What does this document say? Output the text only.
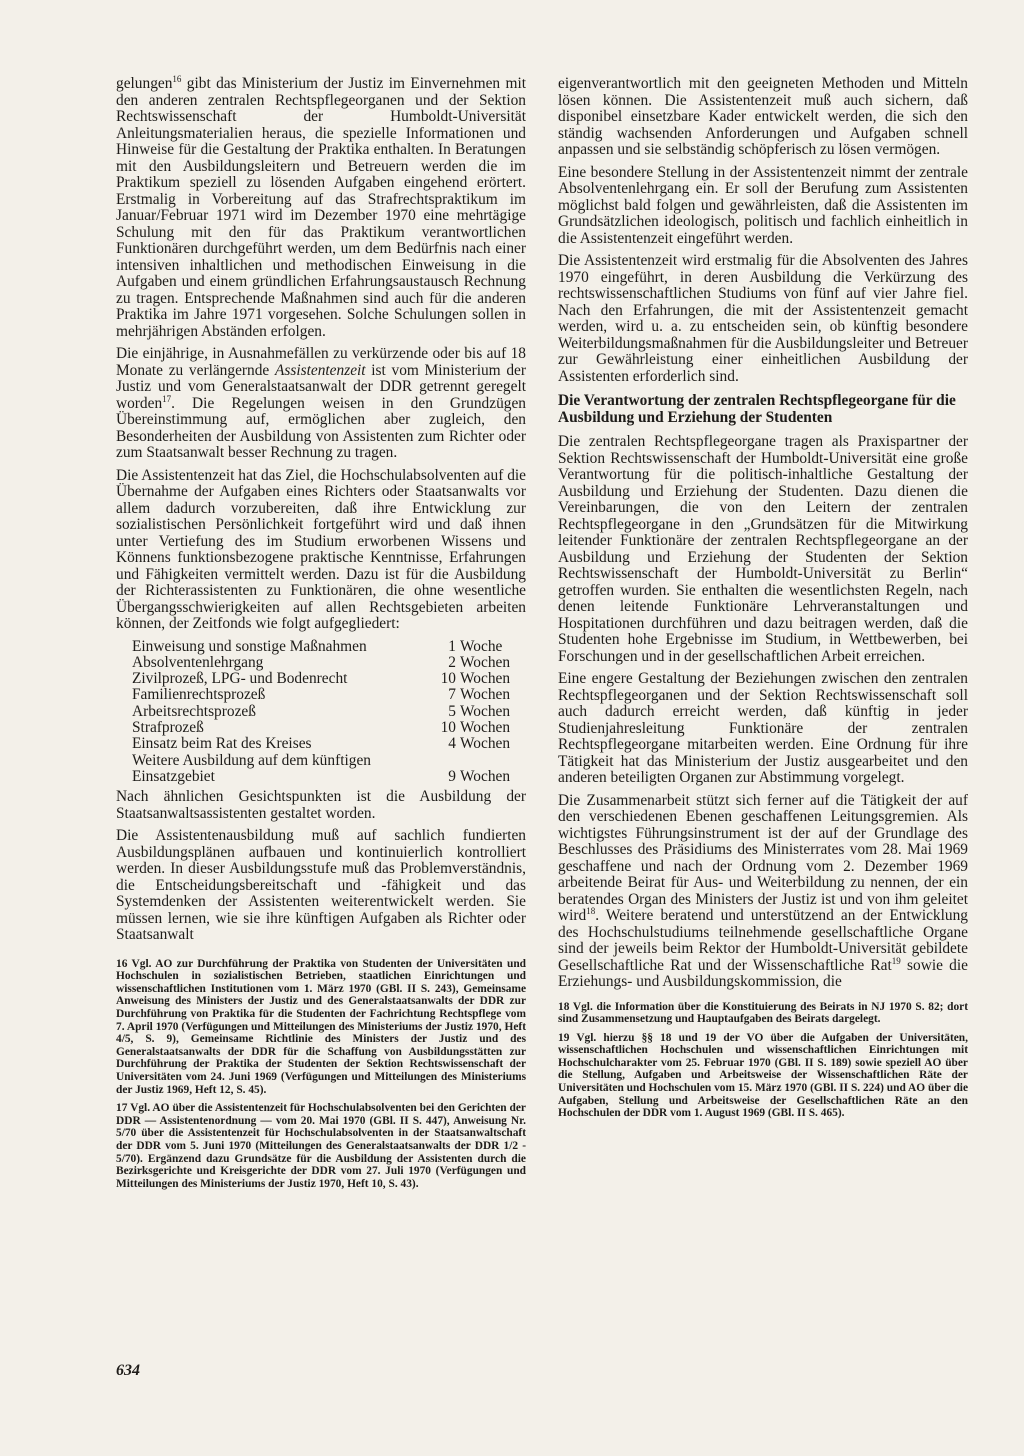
gelungen$^{16}$ gibt das Ministerium der Justiz im Einvernehmen mit den anderen zentralen Rechtspflegeorganen und der Sektion Rechtswissenschaft der Humboldt-Universität Anleitungsmaterialien heraus, die spezielle Informationen und Hinweise für die Gestaltung der Praktika enthalten. In Beratungen mit den Ausbildungsleitern und Betreuern werden die im Praktikum speziell zu lösenden Aufgaben eingehend erörtert. Erstmalig in Vorbereitung auf das Strafrechtspraktikum im Januar/Februar 1971 wird im Dezember 1970 eine mehrtägige Schulung mit den für das Praktikum verantwortlichen Funktionären durchgeführt werden, um dem Bedürfnis nach einer intensiven inhaltlichen und methodischen Einweisung in die Aufgaben und einem gründlichen Erfahrungsaustausch Rechnung zu tragen. Entsprechende Maßnahmen sind auch für die anderen Praktika im Jahre 1971 vorgesehen. Solche Schulungen sollen in mehrjährigen Abständen erfolgen.

Die einjährige, in Ausnahmefällen zu verkürzende oder bis auf 18 Monate zu verlängernde Assistentenzeit ist vom Ministerium der Justiz und vom Generalstaatsanwalt der DDR getrennt geregelt worden$^{17}$. Die Regelungen weisen in den Grundzügen Übereinstimmung auf, ermöglichen aber zugleich, den Besonderheiten der Ausbildung von Assistenten zum Richter oder zum Staatsanwalt besser Rechnung zu tragen.

Die Assistentenzeit hat das Ziel, die Hochschulabsolventen auf die Übernahme der Aufgaben eines Richters oder Staatsanwalts vor allem dadurch vorzubereiten, daß ihre Entwicklung zur sozialistischen Persönlichkeit fortgeführt wird und daß ihnen unter Vertiefung des im Studium erworbenen Wissens und Könnens funktionsbezogene praktische Kenntnisse, Erfahrungen und Fähigkeiten vermittelt werden. Dazu ist für die Ausbildung der Richterassistenten zu Funktionären, die ohne wesentliche Übergangsschwierigkeiten auf allen Rechtsgebieten arbeiten können, der Zeitfonds wie folgt aufgegliedert:

Einweisung und sonstige Maßnahmen	1 Woche
Absolventenlehrgang	2 Wochen
Zivilprozeß, LPG- und Bodenrecht	10 Wochen
Familienrechtsprozeß	7 Wochen
Arbeitsrechtsprozeß	5 Wochen
Strafprozeß	10 Wochen
Einsatz beim Rat des Kreises	4 Wochen
Weitere Ausbildung auf dem künftigen
Einsatzgebiet	9 Wochen

Nach ähnlichen Gesichtspunkten ist die Ausbildung der Staatsanwaltsassistenten gestaltet worden.

Die Assistentenausbildung muß auf sachlich fundierten Ausbildungsplänen aufbauen und kontinuierlich kontrolliert werden. In dieser Ausbildungsstufe muß das Problemverständnis, die Entscheidungsbereitschaft und -fähigkeit und das Systemdenken der Assistenten weiterentwickelt werden. Sie müssen lernen, wie sie ihre künftigen Aufgaben als Richter oder Staatsanwalt

16 Vgl. AO zur Durchführung der Praktika von Studenten der Universitäten und Hochschulen in sozialistischen Betrieben, staatlichen Einrichtungen und wissenschaftlichen Institutionen vom 1. März 1970 (GBl. II S. 243), Gemeinsame Anweisung des Ministers der Justiz und des Generalstaatsanwalts der DDR zur Durchführung von Praktika für die Studenten der Fachrichtung Rechtspflege vom 7. April 1970 (Verfügungen und Mitteilungen des Ministeriums der Justiz 1970, Heft 4/5, S. 9), Gemeinsame Richtlinie des Ministers der Justiz und des Generalstaatsanwalts der DDR für die Schaffung von Ausbildungsstätten zur Durchführung der Praktika der Studenten der Sektion Rechtswissenschaft der Universitäten vom 24. Juni 1969 (Verfügungen und Mitteilungen des Ministeriums der Justiz 1969, Heft 12, S. 45).

17 Vgl. AO über die Assistentenzeit für Hochschulabsolventen bei den Gerichten der DDR — Assistentenordnung — vom 20. Mai 1970 (GBl. II S. 447), Anweisung Nr. 5/70 über die Assistentenzeit für Hochschulabsolventen in der Staatsanwaltschaft der DDR vom 5. Juni 1970 (Mitteilungen des Generalstaatsanwalts der DDR 1/2 - 5/70). Ergänzend dazu Grundsätze für die Ausbildung der Assistenten durch die Bezirksgerichte und Kreisgerichte der DDR vom 27. Juli 1970 (Verfügungen und Mitteilungen des Ministeriums der Justiz 1970, Heft 10, S. 43).

eigenverantwortlich mit den geeigneten Methoden und Mitteln lösen können. Die Assistentenzeit muß auch sichern, daß disponibel einsetzbare Kader entwickelt werden, die sich den ständig wachsenden Anforderungen und Aufgaben schnell anpassen und sie selbständig schöpferisch zu lösen vermögen.

Eine besondere Stellung in der Assistentenzeit nimmt der zentrale Absolventenlehrgang ein. Er soll der Berufung zum Assistenten möglichst bald folgen und gewährleisten, daß die Assistenten im Grundsätzlichen ideologisch, politisch und fachlich einheitlich in die Assistentenzeit eingeführt werden.

Die Assistentenzeit wird erstmalig für die Absolventen des Jahres 1970 eingeführt, in deren Ausbildung die Verkürzung des rechtswissenschaftlichen Studiums von fünf auf vier Jahre fiel. Nach den Erfahrungen, die mit der Assistentenzeit gemacht werden, wird u. a. zu entscheiden sein, ob künftig besondere Weiterbildungsmaßnahmen für die Ausbildungsleiter und Betreuer zur Gewährleistung einer einheitlichen Ausbildung der Assistenten erforderlich sind.

Die Verantwortung der zentralen Rechtspflegeorgane für die Ausbildung und Erziehung der Studenten

Die zentralen Rechtspflegeorgane tragen als Praxispartner der Sektion Rechtswissenschaft der Humboldt-Universität eine große Verantwortung für die politisch-inhaltliche Gestaltung der Ausbildung und Erziehung der Studenten. Dazu dienen die Vereinbarungen, die von den Leitern der zentralen Rechtspflegeorgane in den „Grundsätzen für die Mitwirkung leitender Funktionäre der zentralen Rechtspflegeorgane an der Ausbildung und Erziehung der Studenten der Sektion Rechtswissenschaft der Humboldt-Universität zu Berlin“ getroffen wurden. Sie enthalten die wesentlichsten Regeln, nach denen leitende Funktionäre Lehrveranstaltungen und Hospitationen durchführen und dazu beitragen werden, daß die Studenten hohe Ergebnisse im Studium, in Wettbewerben, bei Forschungen und in der gesellschaftlichen Arbeit erreichen.

Eine engere Gestaltung der Beziehungen zwischen den zentralen Rechtspflegeorganen und der Sektion Rechtswissenschaft soll auch dadurch erreicht werden, daß künftig in jeder Studienjahresleitung Funktionäre der zentralen Rechtspflegeorgane mitarbeiten werden. Eine Ordnung für ihre Tätigkeit hat das Ministerium der Justiz ausgearbeitet und den anderen beteiligten Organen zur Abstimmung vorgelegt.

Die Zusammenarbeit stützt sich ferner auf die Tätigkeit der auf den verschiedenen Ebenen geschaffenen Leitungsgremien. Als wichtigstes Führungsinstrument ist der auf der Grundlage des Beschlusses des Präsidiums des Ministerrates vom 28. Mai 1969 geschaffene und nach der Ordnung vom 2. Dezember 1969 arbeitende Beirat für Aus- und Weiterbildung zu nennen, der ein beratendes Organ des Ministers der Justiz ist und von ihm geleitet wird$^{18}$. Weitere beratend und unterstützend an der Entwicklung des Hochschulstudiums teilnehmende gesellschaftliche Organe sind der jeweils beim Rektor der Humboldt-Universität gebildete Gesellschaftliche Rat und der Wissenschaftliche Rat$^{19}$ sowie die Erziehungs- und Ausbildungskommission, die

18 Vgl. die Information über die Konstituierung des Beirats in NJ 1970 S. 82; dort sind Zusammensetzung und Hauptaufgaben des Beirats dargelegt.

19 Vgl. hierzu §§ 18 und 19 der VO über die Aufgaben der Universitäten, wissenschaftlichen Hochschulen und wissenschaftlichen Einrichtungen mit Hochschulcharakter vom 25. Februar 1970 (GBl. II S. 189) sowie speziell AO über die Stellung, Aufgaben und Arbeitsweise der Wissenschaftlichen Räte der Universitäten und Hochschulen vom 15. März 1970 (GBl. II S. 224) und AO über die Aufgaben, Stellung und Arbeitsweise der Gesellschaftlichen Räte an den Hochschulen der DDR vom 1. August 1969 (GBl. II S. 465).

634
